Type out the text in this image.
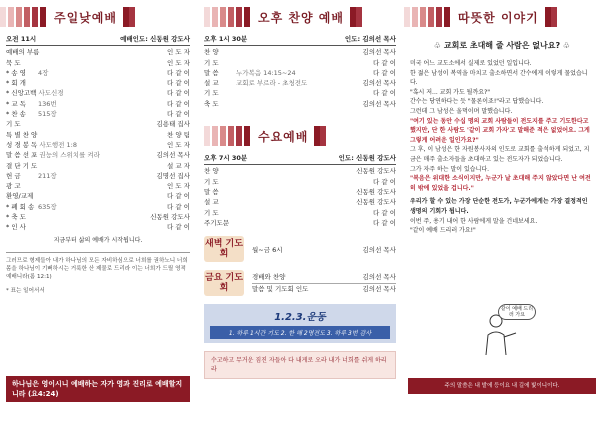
주일낮예배
오전 11시	예배인도: 신동원 강도사
예배의 부름	인 도 자
묵 도	인 도 자
* 송 영	4장	다 같 이
* 회 개	다 같 이
* 신앙고백 사도신경	다 같 이
* 교 독	136번	다 같 이
* 찬 송	515장	다 같 이
기 도	김용태 집사
특 별 찬 양	찬 양 팀
성 경 봉 독 사도행전 1:8	인 도 자
말 씀 선 포 권능의 스위치를 켜라	김의선 목사
결 단 기 도	설 교 자
헌 금	211장	김명선 집사
광 고	인 도 자
환영/교제	다 같 이
* 폐 회 송 635장	다 같 이
* 축 도	신동원 강도사
* 인 사	다 같 이
지금부터 삶의 예배가 시작됩니다.
그러므로 형제들아 내가 하나님의 모든 자비하심으로 너희를 권하노니 너희 몸을 하나님이 기뻐하시는 거룩한 산 제물로 드리라 이는 너희가 드릴 영적 예배니라(롬 12:1)
* 표는 일어서서
하나님은 영이시니 예배하는 자가 영과 진리로 예배할지니라 (요4:24)
오후 찬양 예배
오후 1시 30분	인도: 김의선 목사
찬 양	김의선 목사
기 도	다 같 이
말 씀	누가복음 14:15~24	다 같 이
설 교	교회로 부르라 - 초청전도	김의선 목사
기 도	다 같 이
축 도	김의선 목사
수요예배
오후 7시 30분	인도: 신동원 강도사
찬 양	신동원 강도사
기 도	다 같 이
말 씀	신동원 강도사
설 교	신동원 강도사
기 도	다 같 이
주기도문	다 같 이
새벽 기도회	월~금 6시	김의선 목사
금요 기도회
경배와 찬양	김의선 목사
말씀 및 기도회 인도	김의선 목사
1.2.3.운동
1. 하루 1시간 기도 2. 한 해 2명전도 3. 하루 3번 감사
수고하고 무거운 짐진 자들아 다 내게로 오라 내가 너희를 쉬게 하리라
따뜻한 이야기
♧ 교회로 초대해 줄 사람은 없나요? ♧
미국 어느 교도소에서 실제로 있었던 일입니다.
한 젊은 남성이 복역을 마치고 출소하면서 간수에게 이렇게 물었습니다.
"혹시 저... 교회 가도 될까요?"
간수는 당연하다는 듯 "물론이죠!"라고 답했습니다.
그런데 그 남성은 울먹이며 말했습니다.
"여기 있는 동안 수십 명의 교회 사람들이 전도지를 주고 기도한다고 했지만, 단 한 사람도 '같이 교회 가자'고 말해준 적은 없었어요. 그게 그렇게 어려운 일인가요?"
그 후, 이 남성은 한 자원봉사자의 인도로 교회를 출석하게 되었고, 지금은 매주 출소자들을 초대하고 있는 전도자가 되었습니다.
그가 자주 하는 말이 있습니다.
"복음은 위대한 소식이지만, 누군가 날 초대해 주지 않았다면 난 여전히 밖에 있었을 겁니다."
우리가 할 수 있는 가장 단순한 전도가, 누군가에게는 가장 결정적인 생명의 기회가 됩니다.
이번 주, 용기 내어 한 사람에게 말을 건네보세요.
"같이 예배 드리러 가요!"
같이 예배 드리러 가요
주의 말씀은 내 발에 등이요 내 길에 빛이니이다.
